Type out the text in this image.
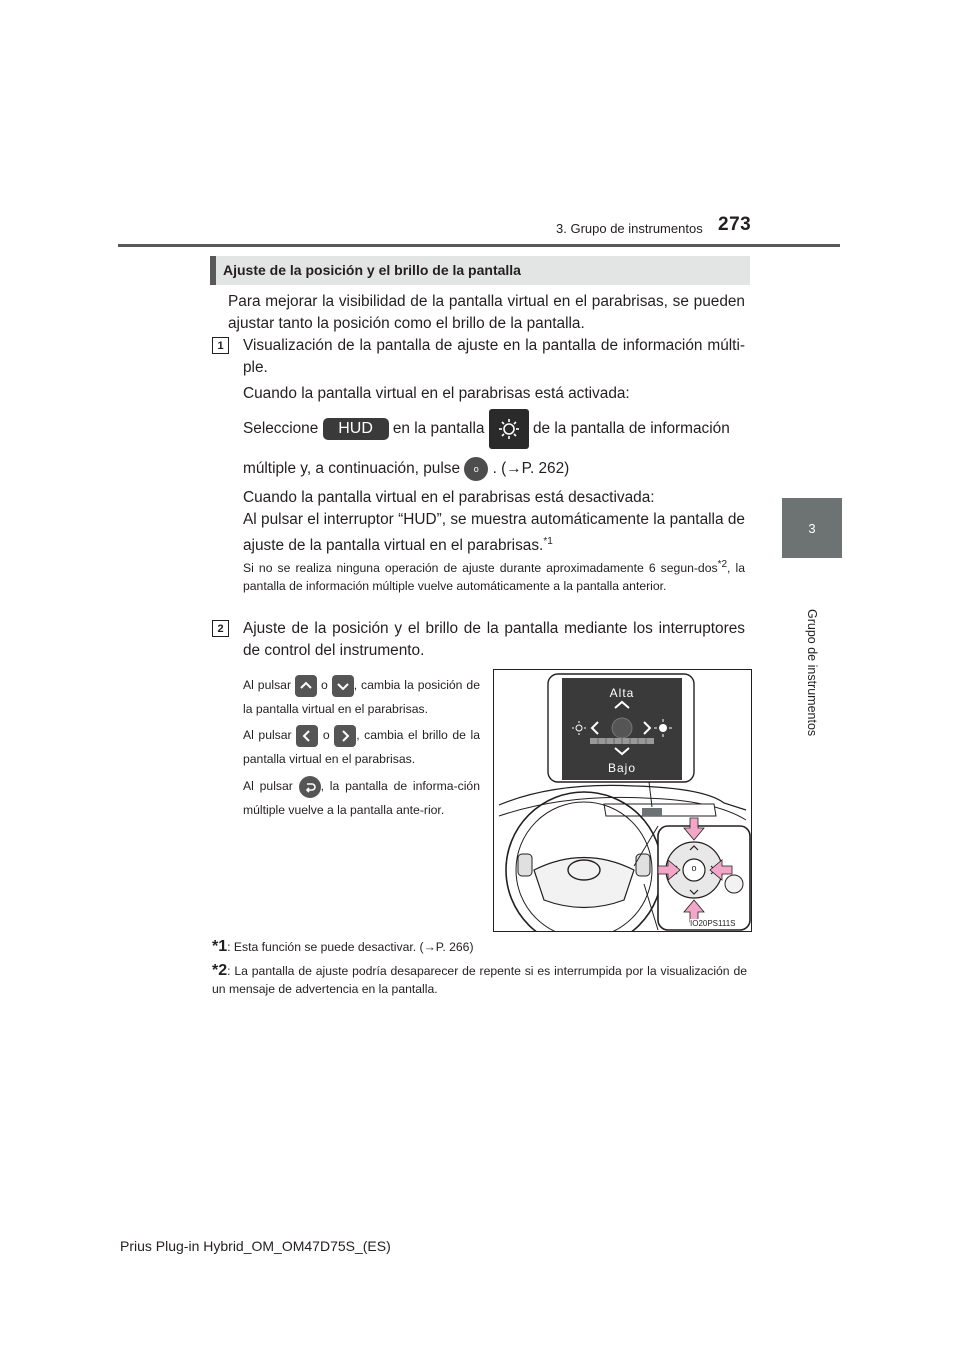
3. Grupo de instrumentos 273
3
Grupo de instrumentos
Ajuste de la posición y el brillo de la pantalla
Para mejorar la visibilidad de la pantalla virtual en el parabrisas, se pueden ajustar tanto la posición como el brillo de la pantalla.
1	Visualización de la pantalla de ajuste en la pantalla de información múlti-ple.
Cuando la pantalla virtual en el parabrisas está activada:
Seleccione HUD en la pantalla	de la pantalla de información
múltiple y, a continuación, pulse o . (→P. 262)
Cuando la pantalla virtual en el parabrisas está desactivada:
Al pulsar el interruptor “HUD”, se muestra automáticamente la pantalla de ajuste de la pantalla virtual en el parabrisas.$^{*1}$
Si no se realiza ninguna operación de ajuste durante aproximadamente 6 segun-dos$^{*2}$, la pantalla de información múltiple vuelve automáticamente a la pantalla anterior.
2	Ajuste de la posición y el brillo de la pantalla mediante los interruptores de control del instrumento.
Al pulsar o , cambia la posición de la pantalla virtual en el parabrisas.
Al pulsar	o , cambia el brillo de la pantalla virtual en el parabrisas.
Al pulsar , la pantalla de informa-ción múltiple vuelve a la pantalla ante-rior.
Alta
Bajo
o
IO20PS111S
*1: Esta función se puede desactivar. (→P. 266)
*2: La pantalla de ajuste podría desaparecer de repente si es interrumpida por la visualización de un mensaje de advertencia en la pantalla.
Prius Plug-in Hybrid_OM_OM47D75S_(ES)
